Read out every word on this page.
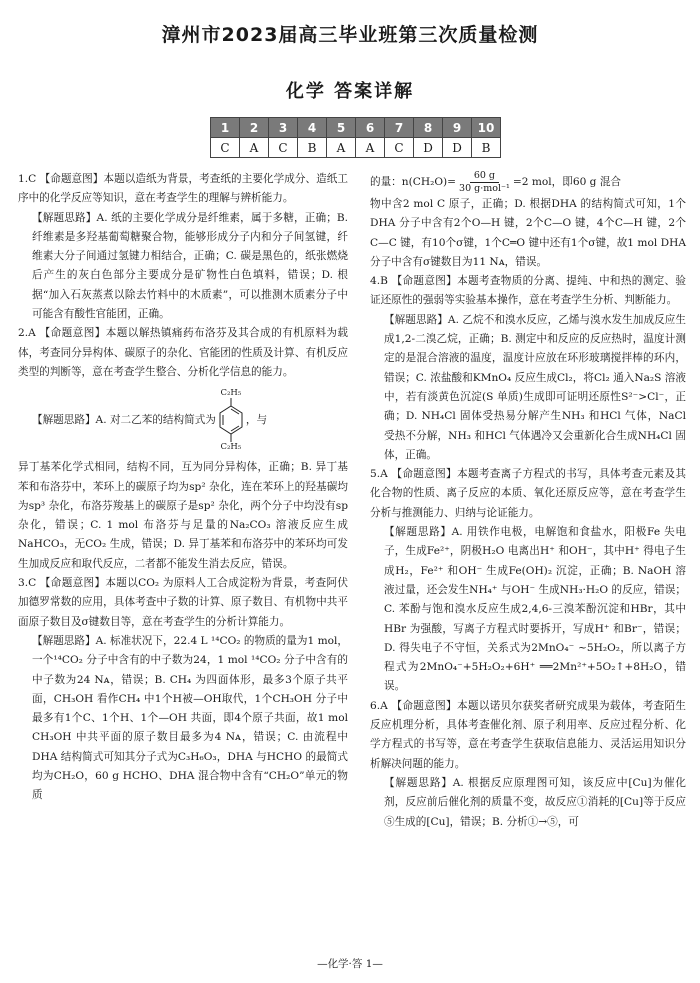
漳州市2023届高三毕业班第三次质量检测
化学 答案详解
1	2	3	4	5	6	7	8	9	10
C	A	C	B	A	A	C	D	D	B

1.C 【命题意图】本题以造纸为背景，考查纸的主要化学成分、造纸工序中的化学反应等知识，意在考查学生的理解与辨析能力。

【解题思路】A. 纸的主要化学成分是纤维素，属于多糖，正确；B. 纤维素是多羟基葡萄糖聚合物，能够形成分子内和分子间氢键，纤维素大分子间通过氢键力相结合，正确；C. 碳是黑色的，纸张燃烧后产生的灰白色部分主要成分是矿物性白色填料，错误；D. 根据“加入石灰蒸煮以除去竹料中的木质素”，可以推测木质素分子中可能含有酸性官能团，正确。

2.A 【命题意图】本题以解热镇痛药布洛芬及其合成的有机原料为载体，考查同分异构体、碳原子的杂化、官能团的性质及计算、有机反应类型的判断等，意在考查学生整合、分析化学信息的能力。

【解题思路】A. 对二乙苯的结构简式为
C₂H₅
C₂H₅
，与

异丁基苯化学式相同，结构不同，互为同分异构体，正确；B. 异丁基苯和布洛芬中，苯环上的碳原子均为sp² 杂化，连在苯环上的羟基碳均为sp³ 杂化，布洛芬羧基上的碳原子是sp² 杂化，两个分子中均没有sp 杂化，错误；C. 1 mol 布洛芬与足量的Na₂CO₃ 溶液反应生成NaHCO₃，无CO₂ 生成，错误；D. 异丁基苯和布洛芬中的苯环均可发生加成反应和取代反应，二者都不能发生消去反应，错误。

3.C 【命题意图】本题以CO₂ 为原料人工合成淀粉为背景，考查阿伏加德罗常数的应用，具体考查中子数的计算、原子数目、有机物中共平面原子数目及σ键数目等，意在考查学生的分析计算能力。

【解题思路】A. 标准状况下，22.4 L ¹⁴CO₂ 的物质的量为1 mol，一个¹⁴CO₂ 分子中含有的中子数为24，1 mol ¹⁴CO₂ 分子中含有的中子数为24 Nᴀ，错误；B. CH₄ 为四面体形，最多3个原子共平面，CH₃OH 看作CH₄ 中1个H被—OH取代，1个CH₃OH 分子中最多有1个C、1个H、1个—OH 共面，即4个原子共面，故1 mol CH₃OH 中共平面的原子数目最多为4 Nᴀ，错误；C. 由流程中DHA 结构简式可知其分子式为C₃H₆O₃，DHA 与HCHO 的最简式均为CH₂O，60 g HCHO、DHA 混合物中含有“CH₂O”单元的物质

的量：$n(CH_2O)= \frac{60 g}{\text{30 g·mol⁻¹}} =2$ mol，即60 g 混合

物中含2 mol C 原子，正确；D. 根据DHA 的结构简式可知，1个DHA 分子中含有2个O—H 键，2个C—O 键，4个C—H 键，2个C—C 键，有10个σ键，1个C═O 键中还有1个σ键，故1 mol DHA 分子中含有σ键数目为11 Nᴀ，错误。

4.B 【命题意图】本题考查物质的分离、提纯、中和热的测定、验证还原性的强弱等实验基本操作，意在考查学生分析、判断能力。

【解题思路】A. 乙烷不和溴水反应，乙烯与溴水发生加成反应生成1,2-二溴乙烷，正确；B. 测定中和反应的反应热时，温度计测定的是混合溶液的温度，温度计应放在环形玻璃搅拌棒的环内，错误；C. 浓盐酸和KMnO₄ 反应生成Cl₂，将Cl₂ 通入Na₂S 溶液中，若有淡黄色沉淀(S 单质)生成即可证明还原性S²⁻>Cl⁻，正确；D. NH₄Cl 固体受热易分解产生NH₃ 和HCl 气体，NaCl 受热不分解，NH₃ 和HCl 气体遇冷又会重新化合生成NH₄Cl 固体，正确。

5.A 【命题意图】本题考查离子方程式的书写，具体考查元素及其化合物的性质、离子反应的本质、氧化还原反应等，意在考查学生分析与推测能力、归纳与论证能力。

【解题思路】A. 用铁作电极，电解饱和食盐水，阳极Fe 失电子，生成Fe²⁺，阴极H₂O 电离出H⁺ 和OH⁻，其中H⁺ 得电子生成H₂，Fe²⁺ 和OH⁻ 生成Fe(OH)₂ 沉淀，正确；B. NaOH 溶液过量，还会发生NH₄⁺ 与OH⁻ 生成NH₃·H₂O 的反应，错误；C. 苯酚与饱和溴水反应生成2,4,6-三溴苯酚沉淀和HBr，其中HBr 为强酸，写离子方程式时要拆开，写成H⁺ 和Br⁻，错误；D. 得失电子不守恒，关系式为2MnO₄⁻ ~5H₂O₂，所以离子方程式为2MnO₄⁻+5H₂O₂+6H⁺ ══2Mn²⁺+5O₂↑+8H₂O，错误。

6.A 【命题意图】本题以诺贝尔获奖者研究成果为载体，考查陌生反应机理分析，具体考查催化剂、原子利用率、反应过程分析、化学方程式的书写等，意在考查学生获取信息能力、灵活运用知识分析解决问题的能力。

【解题思路】A. 根据反应原理图可知，该反应中[Cu]为催化剂，反应前后催化剂的质量不变，故反应①消耗的[Cu]等于反应⑤生成的[Cu]，错误；B. 分析①→⑤，可

—化学·答 1—
